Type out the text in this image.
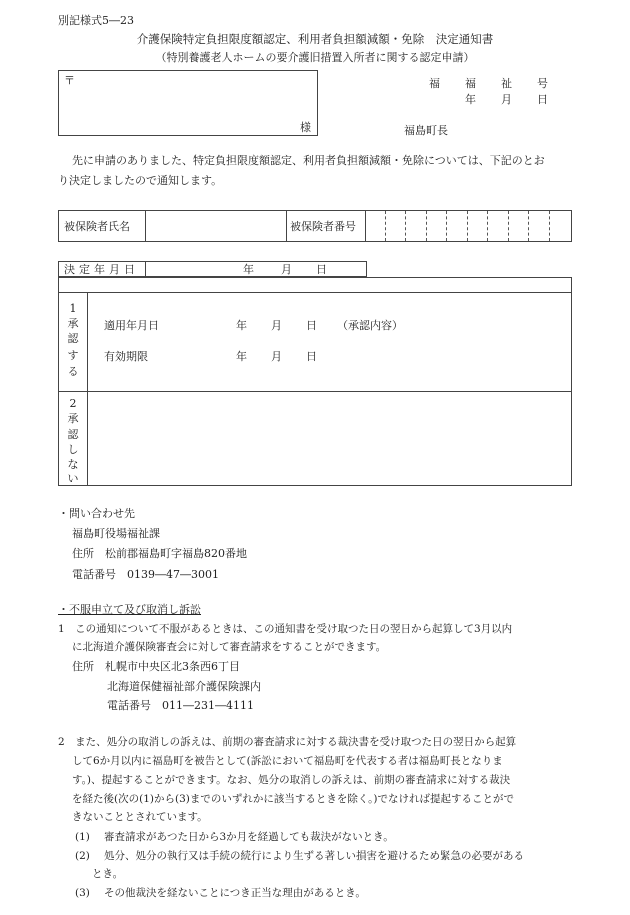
別記様式5―23
介護保険特定負担限度額認定、利用者負担額減額・免除　決定通知書
（特別養護老人ホームの要介護旧措置入所者に関する認定申請）
〒
様
福 福 祉 号
年 月 日
福島町長
先に申請のありました、特定負担限度額認定、利用者負担額減額・免除については、下記のとお
り決定しましたので通知します。
被保険者氏名	被保険者番号
決定年月日	年 月 日
1
承
認
す
る
適用年月日	年 月 日 （承認内容）
有効期限	年 月 日
2
承
認
し
な
い
・問い合わせ先
福島町役場福祉課
住所　松前郡福島町字福島820番地
電話番号　0139―47―3001
・不服申立て及び取消し訴訟
1　この通知について不服があるときは、この通知書を受け取つた日の翌日から起算して3月以内
に北海道介護保険審査会に対して審査請求をすることができます。
住所　札幌市中央区北3条西6丁目
北海道保健福祉部介護保険課内
電話番号　011―231―4111
2　また、処分の取消しの訴えは、前期の審査請求に対する裁決書を受け取つた日の翌日から起算
して6か月以内に福島町を被告として(訴訟において福島町を代表する者は福島町長となりま
す。)、提起することができます。なお、処分の取消しの訴えは、前期の審査請求に対する裁決
を経た後(次の(1)から(3)までのいずれかに該当するときを除く。)でなければ提起することがで
きないこととされています。
(1) 審査請求があつた日から3か月を経過しても裁決がないとき。
(2) 処分、処分の執行又は手続の続行により生ずる著しい損害を避けるため緊急の必要がある
とき。
(3) その他裁決を経ないことにつき正当な理由があるとき。
